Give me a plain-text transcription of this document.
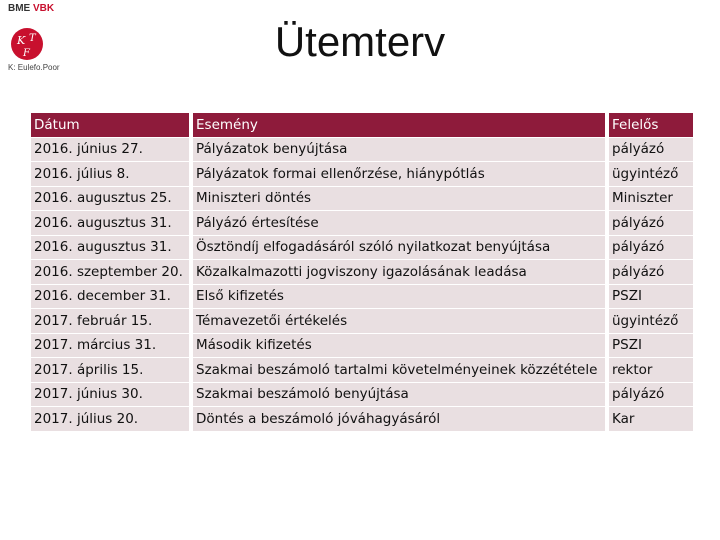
BME VBK
K T
F
K: Eulefo.Poor
Ütemterv
Dátum		Esemény		Felelős
2016. június 27.		Pályázatok benyújtása		pályázó
2016. július 8.		Pályázatok formai ellenőrzése, hiánypótlás		ügyintéző
2016. augusztus 25.		Miniszteri döntés		Miniszter
2016. augusztus 31.		Pályázó értesítése		pályázó
2016. augusztus 31.		Ösztöndíj elfogadásáról szóló nyilatkozat benyújtása		pályázó
2016. szeptember 20.		Közalkalmazotti jogviszony igazolásának leadása		pályázó
2016. december 31.		Első kifizetés		PSZI
2017. február 15.		Témavezetői értékelés		ügyintéző
2017. március 31.		Második kifizetés		PSZI
2017. április 15.		Szakmai beszámoló tartalmi követelményeinek közzététele		rektor
2017. június 30.		Szakmai beszámoló benyújtása		pályázó
2017. július 20.		Döntés a beszámoló jóváhagyásáról		Kar
